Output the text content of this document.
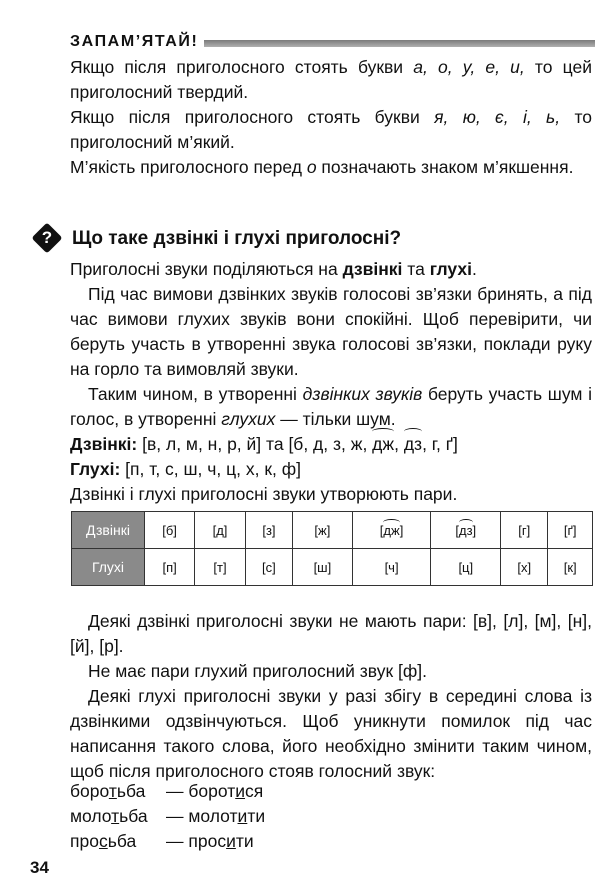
ЗАПАМ’ЯТАЙ!

Якщо після приголосного стоять букви а, о, у, е, и, то цей приголосний твердий.

Якщо після приголосного стоять букви я, ю, є, і, ь, то приголосний м’який.

М’якість приголосного перед о позначають знаком м’якшення.

?	Що таке дзвінкі і глухі приголосні?

Приголосні звуки поділяються на дзвінкі та глухі.

Під час вимови дзвінких звуків голосові зв’язки бринять, а під час вимови глухих звуків вони спокійні. Щоб перевірити, чи беруть участь в утворенні звука голосові зв’язки, поклади руку на горло та вимовляй звуки.

Таким чином, в утворенні дзвінких звуків беруть участь шум і голос, в утворенні глухих — тільки шум.

Дзвінкі: [в, л, м, н, р, й] та [б, д, з, ж, дж, дз, г, ґ]

Глухі: [п, т, с, ш, ч, ц, х, к, ф]

Дзвінкі і глухі приголосні звуки утворюють пари.

Дзвінкі	[б]	[д]	[з]	[ж]	[дж]	[дз]	[г]	[ґ]
Глухі	[п]	[т]	[с]	[ш]	[ч]	[ц]	[х]	[к]

Деякі дзвінкі приголосні звуки не мають пари: [в], [л], [м], [н], [й], [р].

Не має пари глухий приголосний звук [ф].

Деякі глухі приголосні звуки у разі збігу в середині слова із дзвінкими одзвінчуються. Щоб уникнути помилок під час написання такого слова, його необхідно змінити таким чином, щоб після приголосного стояв голосний звук:

боротьба — боротися

молотьба — молотити

просьба — просити

34
